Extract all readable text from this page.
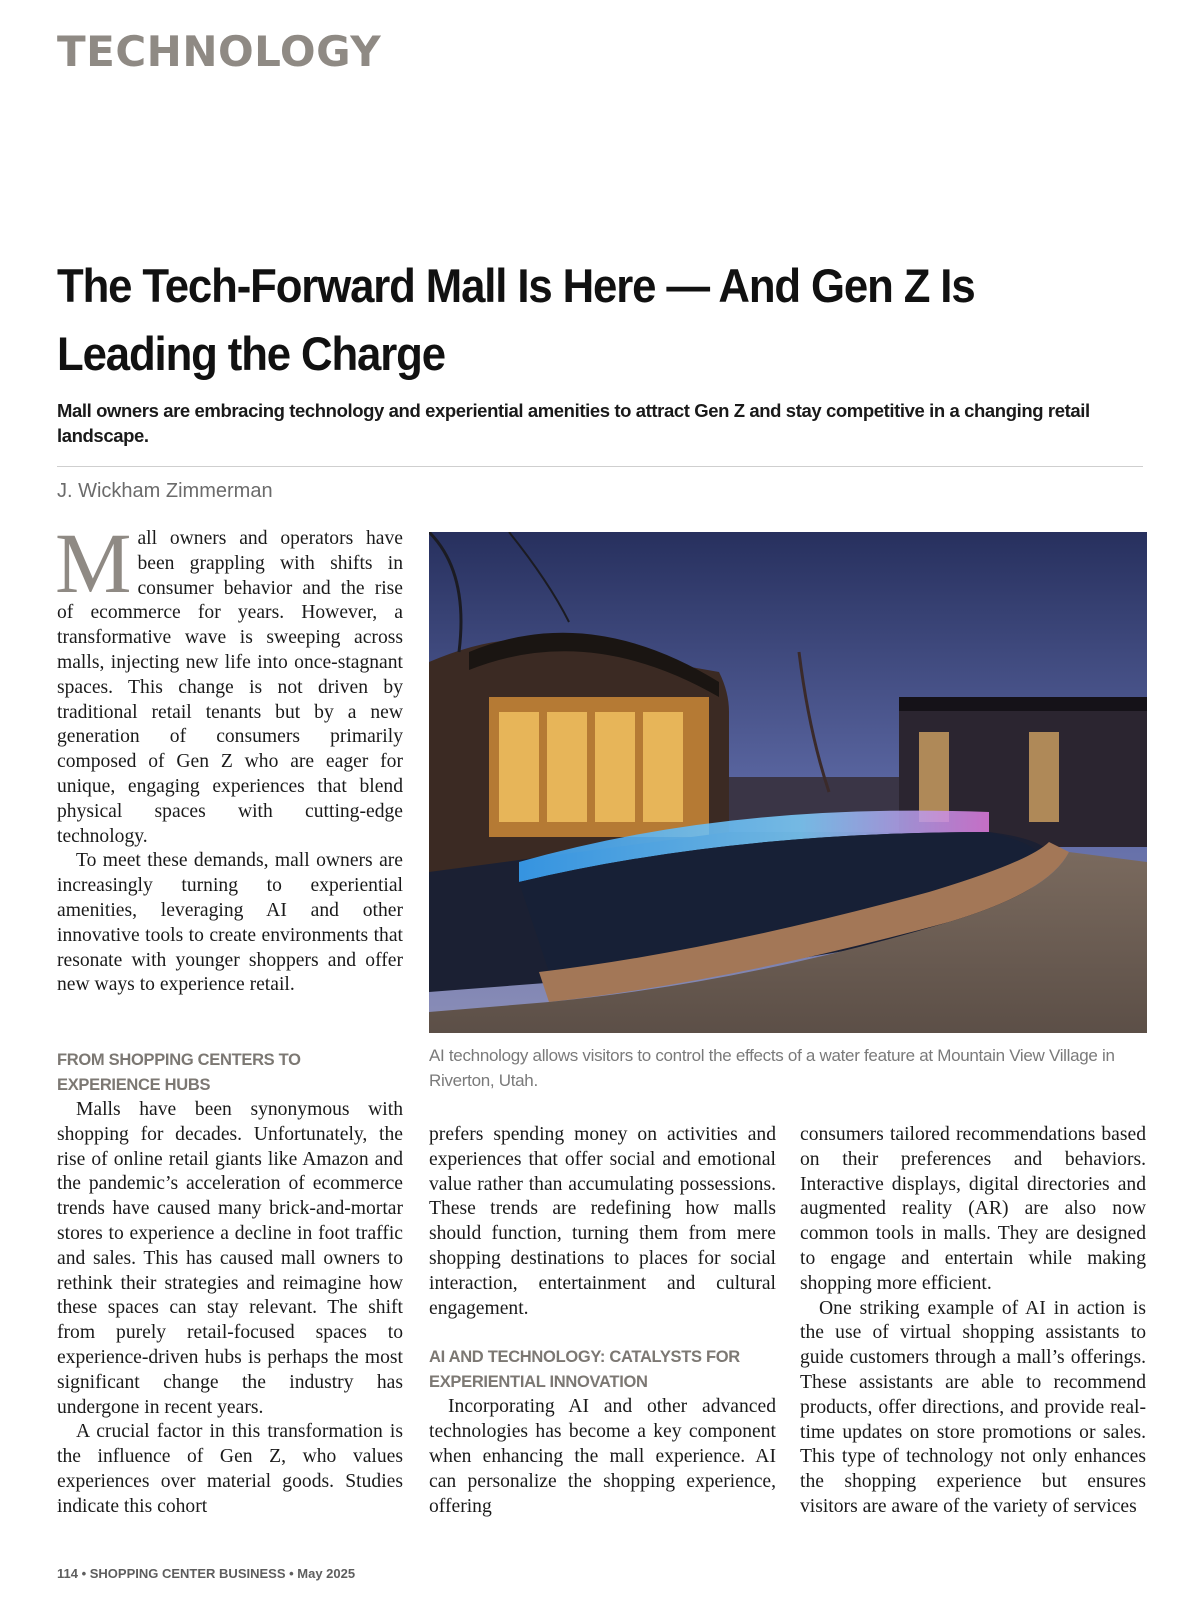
TECHNOLOGY
The Tech-Forward Mall Is Here — And Gen Z Is Leading the Charge
Mall owners are embracing technology and experiential amenities to attract Gen Z and stay competitive in a changing retail landscape.
J. Wickham Zimmerman
M all owners and operators have been grappling with shifts in consumer behavior and the rise of ecommerce for years. However, a transformative wave is sweeping across malls, injecting new life into once-stagnant spaces. This change is not driven by traditional retail tenants but by a new generation of consumers primarily composed of Gen Z who are eager for unique, engaging experiences that blend physical spaces with cutting-edge technology.

To meet these demands, mall owners are increasingly turning to experiential amenities, leveraging AI and other innovative tools to create environments that resonate with younger shoppers and offer new ways to experience retail.

FROM SHOPPING CENTERS TO EXPERIENCE HUBS

Malls have been synonymous with shopping for decades. Unfortunately, the rise of online retail giants like Amazon and the pandemic’s acceleration of ecommerce trends have caused many brick-and-mortar stores to experience a decline in foot traffic and sales. This has caused mall owners to rethink their strategies and reimagine how these spaces can stay relevant. The shift from purely retail-focused spaces to experience-driven hubs is perhaps the most significant change the industry has undergone in recent years.

A crucial factor in this transformation is the influence of Gen Z, who values experiences over material goods. Studies indicate this cohort

AI technology allows visitors to control the effects of a water feature at Mountain View Village in Riverton, Utah.

prefers spending money on activities and experiences that offer social and emotional value rather than accumulating possessions. These trends are redefining how malls should function, turning them from mere shopping destinations to places for social interaction, entertainment and cultural engagement.

AI AND TECHNOLOGY: CATALYSTS FOR EXPERIENTIAL INNOVATION

Incorporating AI and other advanced technologies has become a key component when enhancing the mall experience. AI can personalize the shopping experience, offering

consumers tailored recommendations based on their preferences and behaviors. Interactive displays, digital directories and augmented reality (AR) are also now common tools in malls. They are designed to engage and entertain while making shopping more efficient.

One striking example of AI in action is the use of virtual shopping assistants to guide customers through a mall’s offerings. These assistants are able to recommend products, offer directions, and provide real-time updates on store promotions or sales. This type of technology not only enhances the shopping experience but ensures visitors are aware of the variety of services

114 • SHOPPING CENTER BUSINESS • May 2025
